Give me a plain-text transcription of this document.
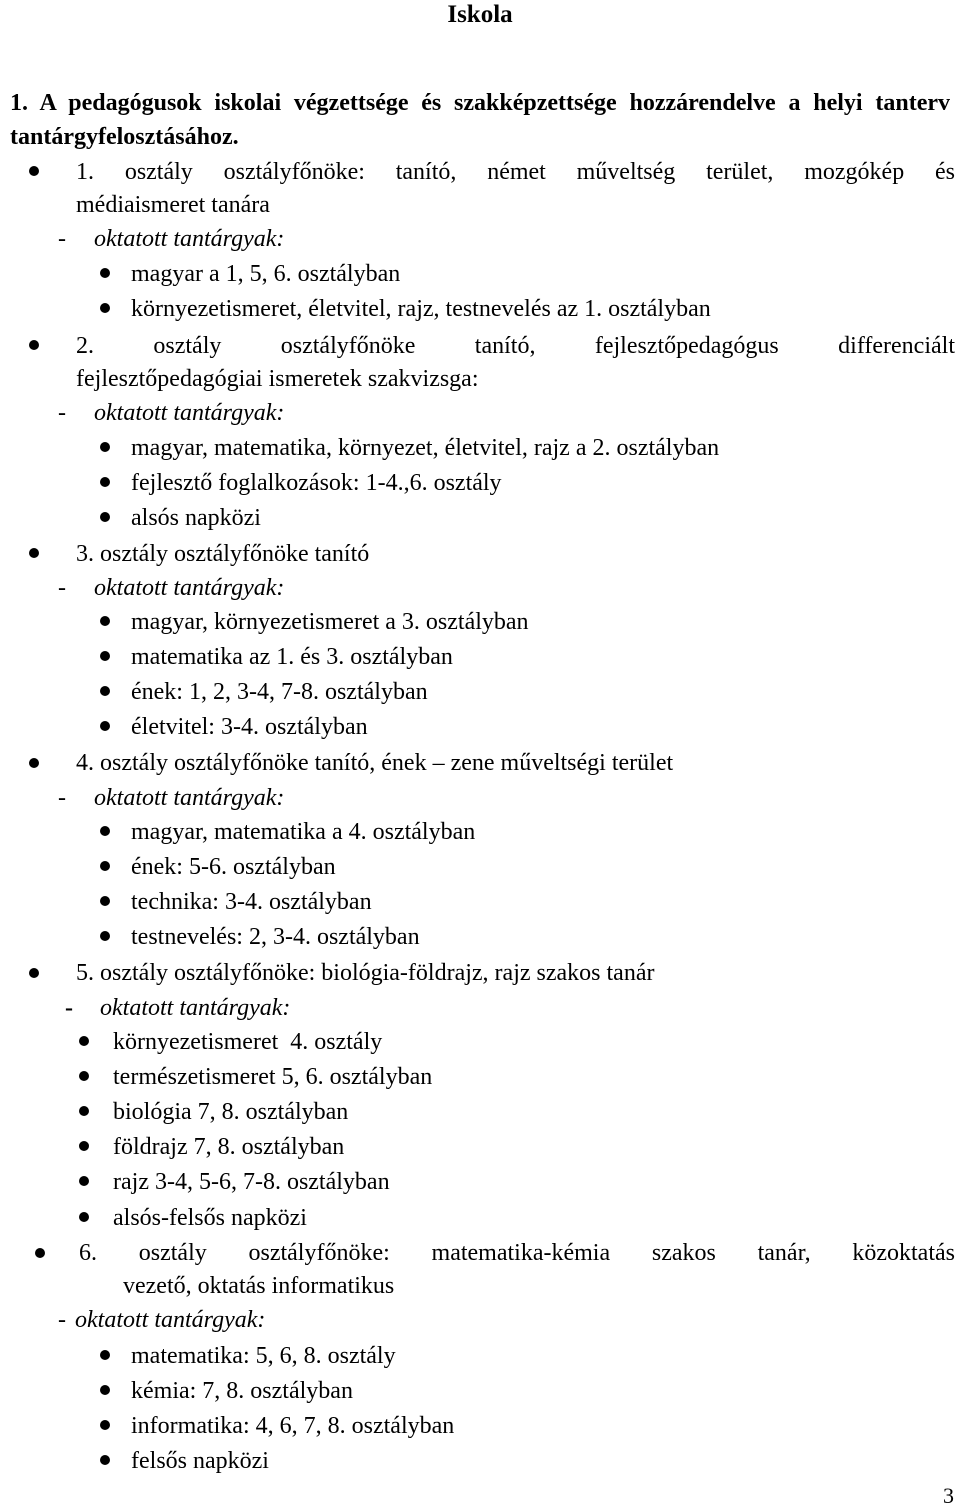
Iskola
1. A pedagógusok iskolai végzettsége és szakképzettsége hozzárendelve a helyi tanterv tantárgyfelosztásához.
1. osztály osztályfőnöke: tanító, német műveltség terület, mozgókép és
médiaismeret tanára
- oktatott tantárgyak:
magyar a 1, 5, 6. osztályban
környezetismeret, életvitel, rajz, testnevelés az 1. osztályban
2. osztály osztályfőnöke tanító, fejlesztőpedagógus differenciált
fejlesztőpedagógiai ismeretek szakvizsga:
- oktatott tantárgyak:
magyar, matematika, környezet, életvitel, rajz a 2. osztályban
fejlesztő foglalkozások: 1-4.,6. osztály
alsós napközi
3. osztály osztályfőnöke tanító
- oktatott tantárgyak:
magyar, környezetismeret a 3. osztályban
matematika az 1. és 3. osztályban
ének: 1, 2, 3-4, 7-8. osztályban
életvitel: 3-4. osztályban
4. osztály osztályfőnöke tanító, ének – zene műveltségi terület
- oktatott tantárgyak:
magyar, matematika a 4. osztályban
ének: 5-6. osztályban
technika: 3-4. osztályban
testnevelés: 2, 3-4. osztályban
5. osztály osztályfőnöke: biológia-földrajz, rajz szakos tanár
- oktatott tantárgyak:
környezetismeret  4. osztály
természetismeret 5, 6. osztályban
biológia 7, 8. osztályban
földrajz 7, 8. osztályban
rajz 3-4, 5-6, 7-8. osztályban
alsós-felsős napközi
6. osztály osztályfőnöke: matematika-kémia szakos tanár, közoktatás
vezető, oktatás informatikus
- oktatott tantárgyak:
matematika: 5, 6, 8. osztály
kémia: 7, 8. osztályban
informatika: 4, 6, 7, 8. osztályban
felsős napközi
3
